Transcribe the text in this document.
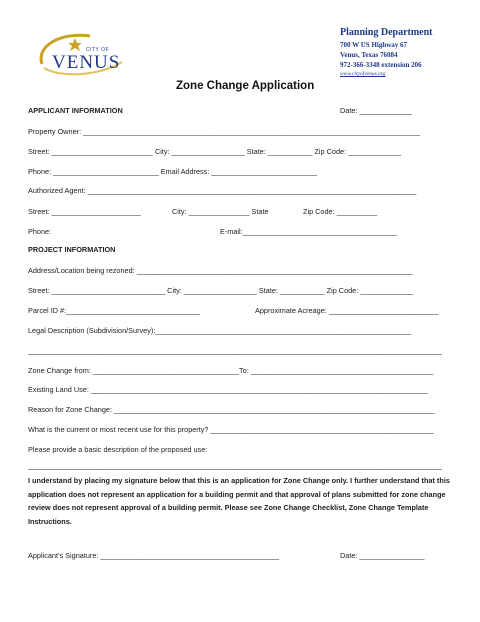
CITY OF
VENUS
Planning Department
700 W US Highway 67
Venus, Texas 76084
972-366-3348 extension 206
www.cityofvenus.org
Zone Change Application
APPLICANT INFORMATION	Date: _____________
Property Owner: ___________________________________________________________________________________
Street: _________________________ City: __________________ State: ___________ Zip Code: _____________
Phone: __________________________ Email Address: __________________________
Authorized Agent: _________________________________________________________________________________
Street: ______________________	City: _______________ State	Zip Code: __________
Phone:	E-mail:______________________________________
PROJECT INFORMATION
Address/Location being rezoned: ____________________________________________________________________
Street: ____________________________ City: __________________ State: ___________ Zip Code: _____________
Parcel ID #:_________________________________	Approximate Acreage: ___________________________
Legal Description (Subdivision/Survey):_______________________________________________________________
______________________________________________________________________________________________________
Zone Change from: ____________________________________To: _____________________________________________
Existing Land Use: ___________________________________________________________________________________
Reason for Zone Change: _______________________________________________________________________________
What is the current or most recent use for this property? _______________________________________________________
Please provide a basic description of the proposed use:
______________________________________________________________________________________________________
I understand by placing my signature below that this is an application for Zone Change only. I further understand that this application does not represent an application for a building permit and that approval of plans submitted for zone change review does not represent approval of a building permit. Please see Zone Change Checklist, Zone Change Template Instructions.
Applicant’s Signature: ____________________________________________	Date: ________________
